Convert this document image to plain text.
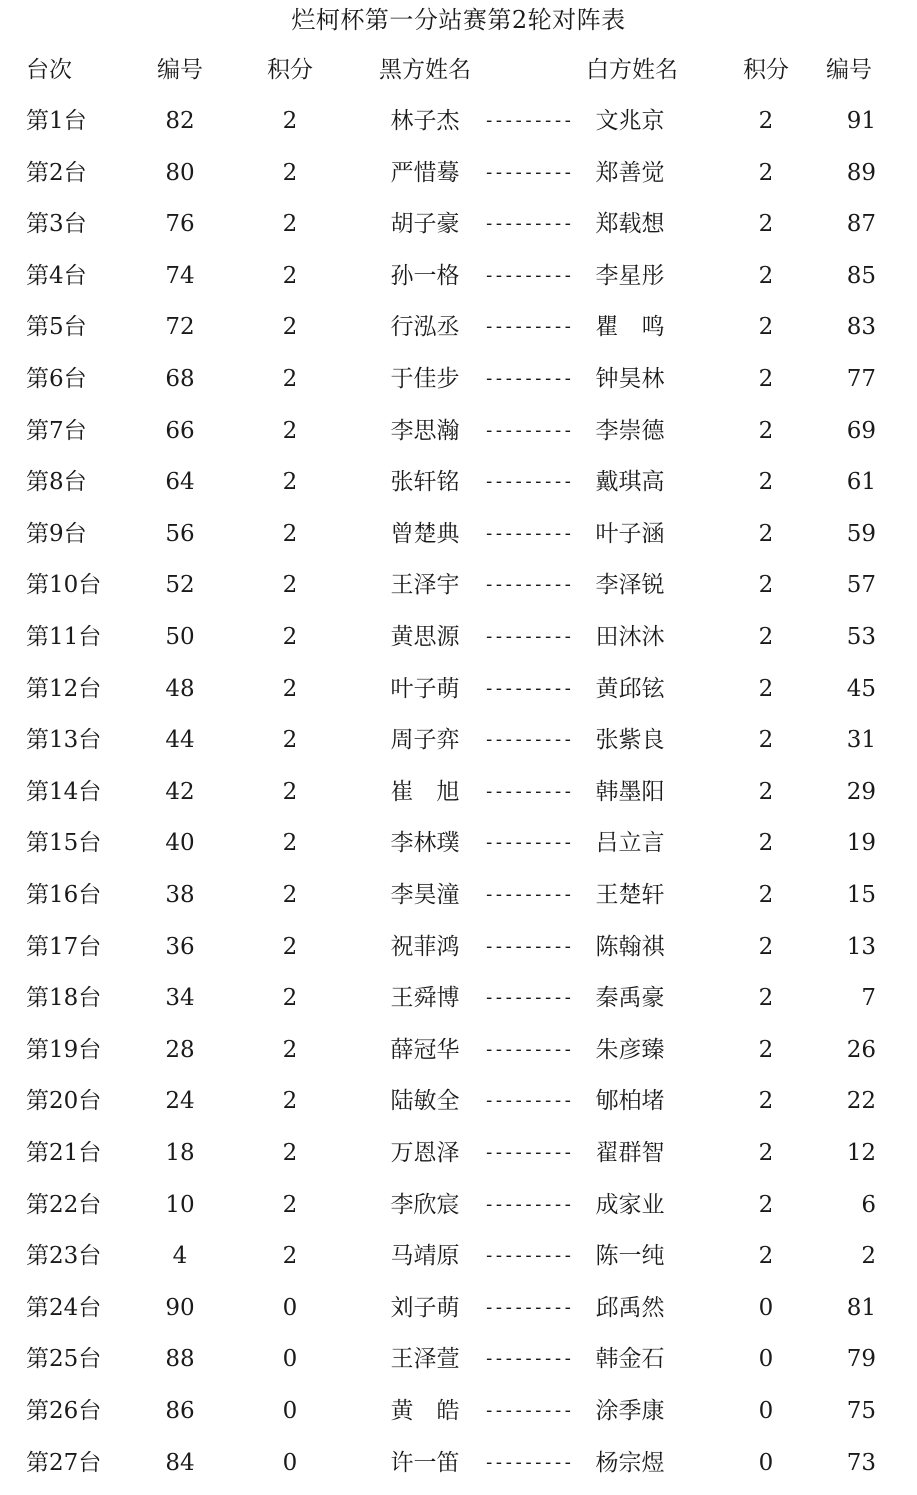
烂柯杯第一分站赛第2轮对阵表
台次	编号	积分	黑方姓名	白方姓名	积分	编号
第1台	82	2	林子杰	---------	文兆京	2	91
第2台	80	2	严惜蓦	---------	郑善觉	2	89
第3台	76	2	胡子豪	---------	郑载想	2	87
第4台	74	2	孙一格	---------	李星彤	2	85
第5台	72	2	行泓丞	---------	瞿　鸣	2	83
第6台	68	2	于佳步	---------	钟昊林	2	77
第7台	66	2	李思瀚	---------	李崇德	2	69
第8台	64	2	张轩铭	---------	戴琪高	2	61
第9台	56	2	曾楚典	---------	叶子涵	2	59
第10台	52	2	王泽宇	---------	李泽锐	2	57
第11台	50	2	黄思源	---------	田沐沐	2	53
第12台	48	2	叶子萌	---------	黄邱铉	2	45
第13台	44	2	周子弈	---------	张紫良	2	31
第14台	42	2	崔　旭	---------	韩墨阳	2	29
第15台	40	2	李林璞	---------	吕立言	2	19
第16台	38	2	李昊潼	---------	王楚轩	2	15
第17台	36	2	祝菲鸿	---------	陈翰祺	2	13
第18台	34	2	王舜博	---------	秦禹豪	2	7
第19台	28	2	薛冠华	---------	朱彦臻	2	26
第20台	24	2	陆敏全	---------	郇柏堵	2	22
第21台	18	2	万恩泽	---------	翟群智	2	12
第22台	10	2	李欣宸	---------	成家业	2	6
第23台	4	2	马靖原	---------	陈一纯	2	2
第24台	90	0	刘子萌	---------	邱禹然	0	81
第25台	88	0	王泽萱	---------	韩金石	0	79
第26台	86	0	黄　皓	---------	涂季康	0	75
第27台	84	0	许一笛	---------	杨宗煜	0	73
